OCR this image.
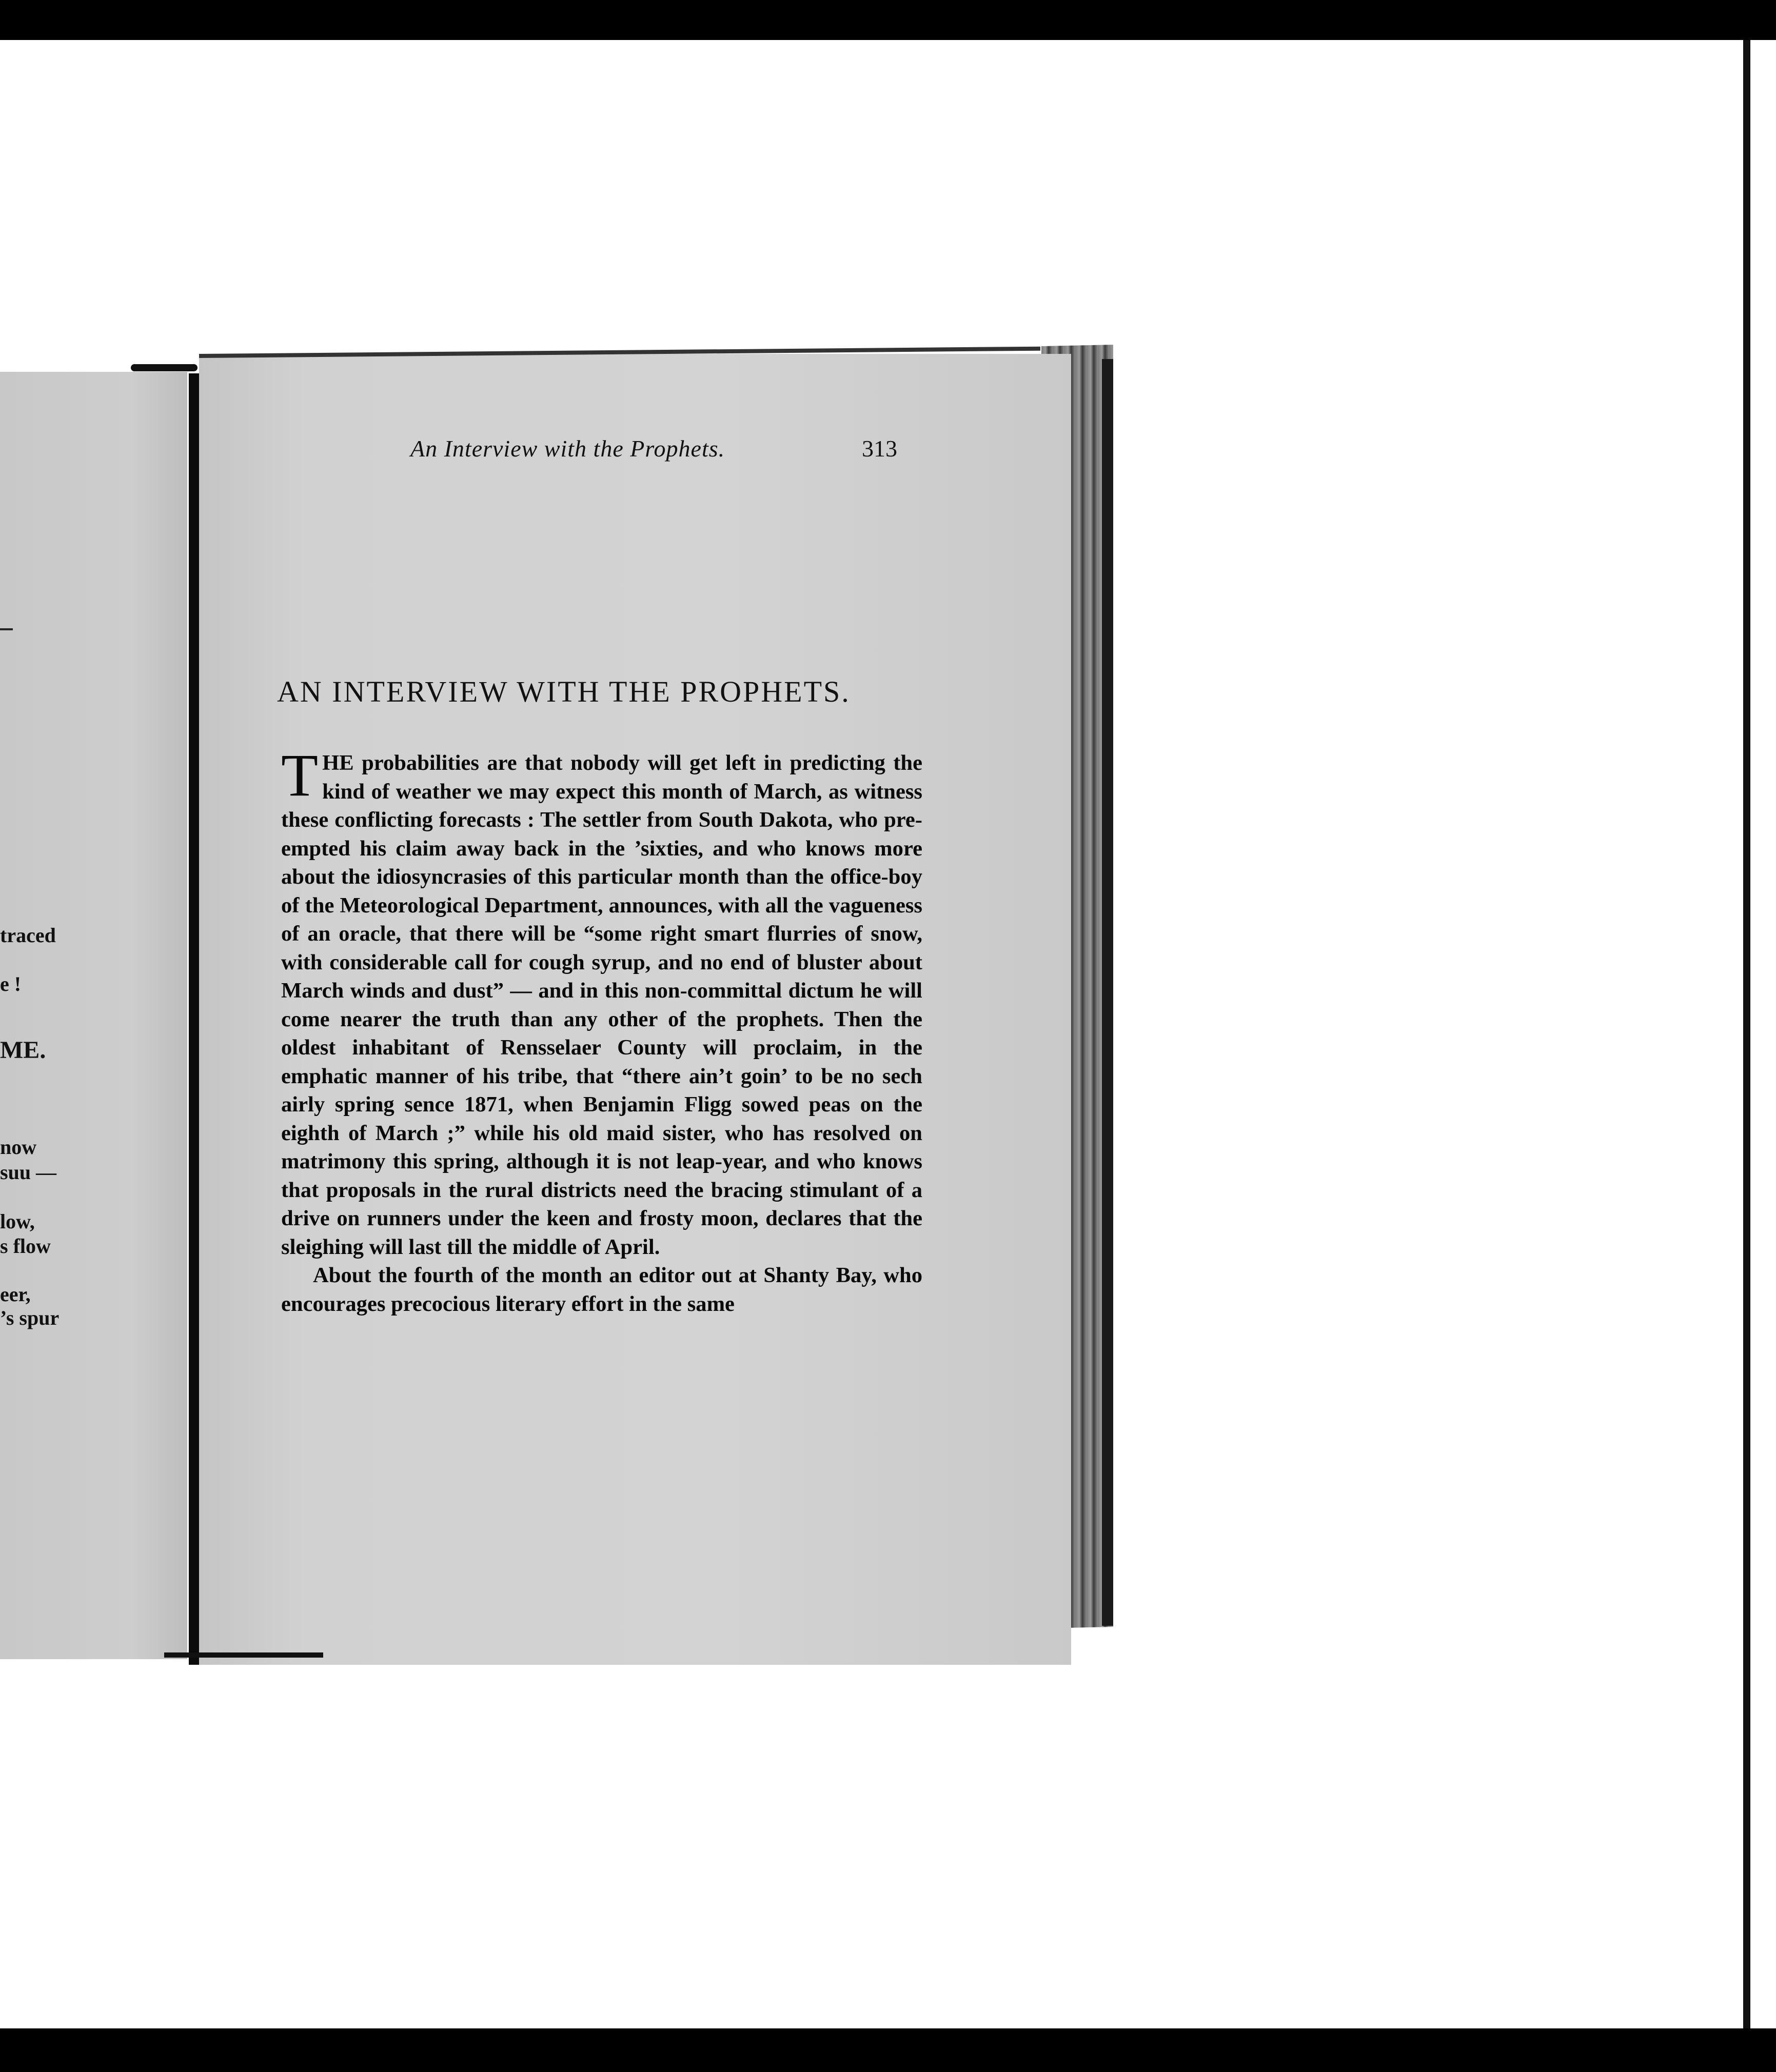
traced
e !
ME.
now
suu —
low,
s flow
eer,
’s spur
An Interview with the Prophets.	313
AN INTERVIEW WITH THE PROPHETS.

THE probabilities are that nobody will get left in predicting the kind of weather we may expect this month of March, as witness these conflicting forecasts : The settler from South Dakota, who pre-empted his claim away back in the ’sixties, and who knows more about the idiosyncrasies of this particular month than the office-boy of the Meteorological Department, announces, with all the vagueness of an oracle, that there will be “some right smart flurries of snow, with considerable call for cough syrup, and no end of bluster about March winds and dust” — and in this non-committal dictum he will come nearer the truth than any other of the prophets. Then the oldest inhabitant of Rensselaer County will proclaim, in the emphatic manner of his tribe, that “there ain’t goin’ to be no sech airly spring sence 1871, when Benjamin Fligg sowed peas on the eighth of March ;” while his old maid sister, who has resolved on matrimony this spring, although it is not leap-year, and who knows that proposals in the rural districts need the bracing stimulant of a drive on runners under the keen and frosty moon, declares that the sleighing will last till the middle of April.

About the fourth of the month an editor out at Shanty Bay, who encourages precocious literary effort in the same
